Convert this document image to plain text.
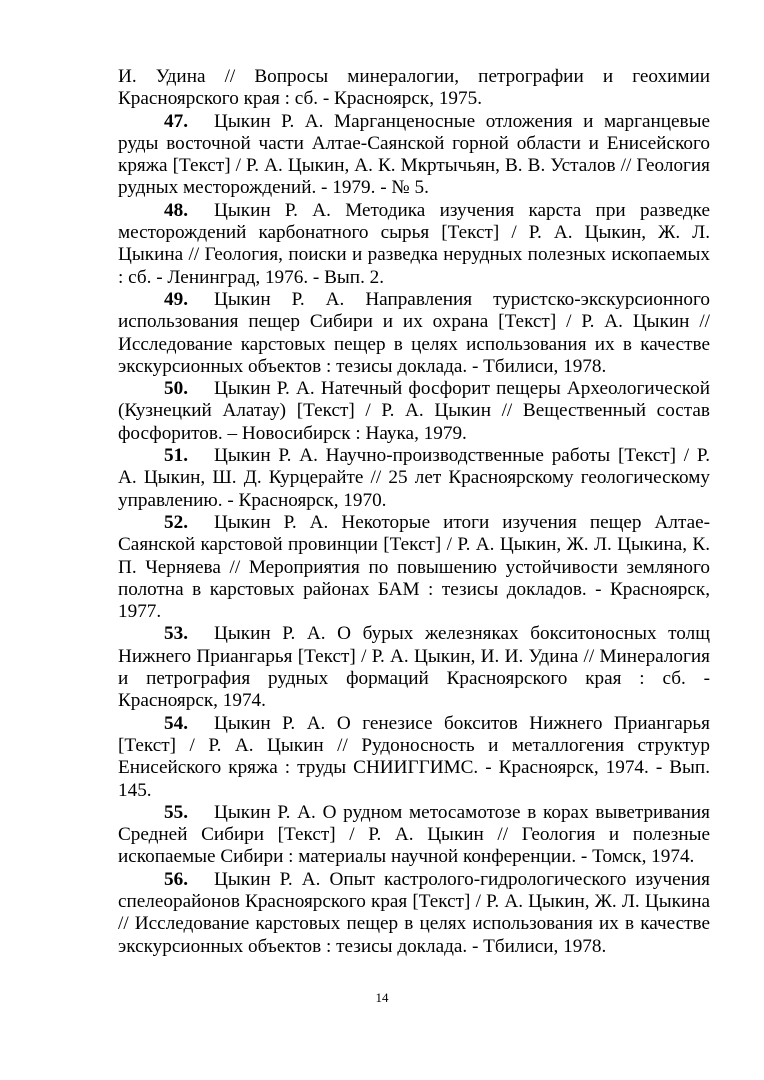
И. Удина // Вопросы минералогии, петрографии и геохимии Красноярского края : сб. - Красноярск, 1975.

47. Цыкин Р. А. Марганценосные отложения и марганцевые руды восточной части Алтае-Саянской горной области и Енисейского кряжа [Текст] / Р. А. Цыкин, А. К. Мкртычьян, В. В. Усталов // Геология рудных месторождений. - 1979. - № 5.

48. Цыкин Р. А. Методика изучения карста при разведке месторождений карбонатного сырья [Текст] / Р. А. Цыкин, Ж. Л. Цыкина // Геология, поиски и разведка нерудных полезных ископаемых : сб. - Ленинград, 1976. - Вып. 2.

49. Цыкин Р. А. Направления туристско-экскурсионного использования пещер Сибири и их охрана [Текст] / Р. А. Цыкин // Исследование карстовых пещер в целях использования их в качестве экскурсионных объектов : тезисы доклада. - Тбилиси, 1978.

50. Цыкин Р. А. Натечный фосфорит пещеры Археологической (Кузнецкий Алатау) [Текст] / Р. А. Цыкин // Вещественный состав фосфоритов. – Новосибирск : Наука, 1979.

51. Цыкин Р. А. Научно-производственные работы [Текст] / Р. А. Цыкин, Ш. Д. Курцерайте // 25 лет Красноярскому геологическому управлению. - Красноярск, 1970.

52. Цыкин Р. А. Некоторые итоги изучения пещер Алтае-Саянской карстовой провинции [Текст] / Р. А. Цыкин, Ж. Л. Цыкина, К. П. Черняева // Мероприятия по повышению устойчивости земляного полотна в карстовых районах БАМ : тезисы докладов. - Красноярск, 1977.

53. Цыкин Р. А. О бурых железняках бокситоносных толщ Нижнего Приангарья [Текст] / Р. А. Цыкин, И. И. Удина // Минералогия и петрография рудных формаций Красноярского края : сб. - Красноярск, 1974.

54. Цыкин Р. А. О генезисе бокситов Нижнего Приангарья [Текст] / Р. А. Цыкин // Рудоносность и металлогения структур Енисейского кряжа : труды СНИИГГИМС. - Красноярск, 1974. - Вып. 145.

55. Цыкин Р. А. О рудном метосамотозе в корах выветривания Средней Сибири [Текст] / Р. А. Цыкин // Геология и полезные ископаемые Сибири : материалы научной конференции. - Томск, 1974.

56. Цыкин Р. А. Опыт кастролого-гидрологического изучения спелеорайонов Красноярского края [Текст] / Р. А. Цыкин, Ж. Л. Цыкина // Исследование карстовых пещер в целях использования их в качестве экскурсионных объектов : тезисы доклада. - Тбилиси, 1978.

14
